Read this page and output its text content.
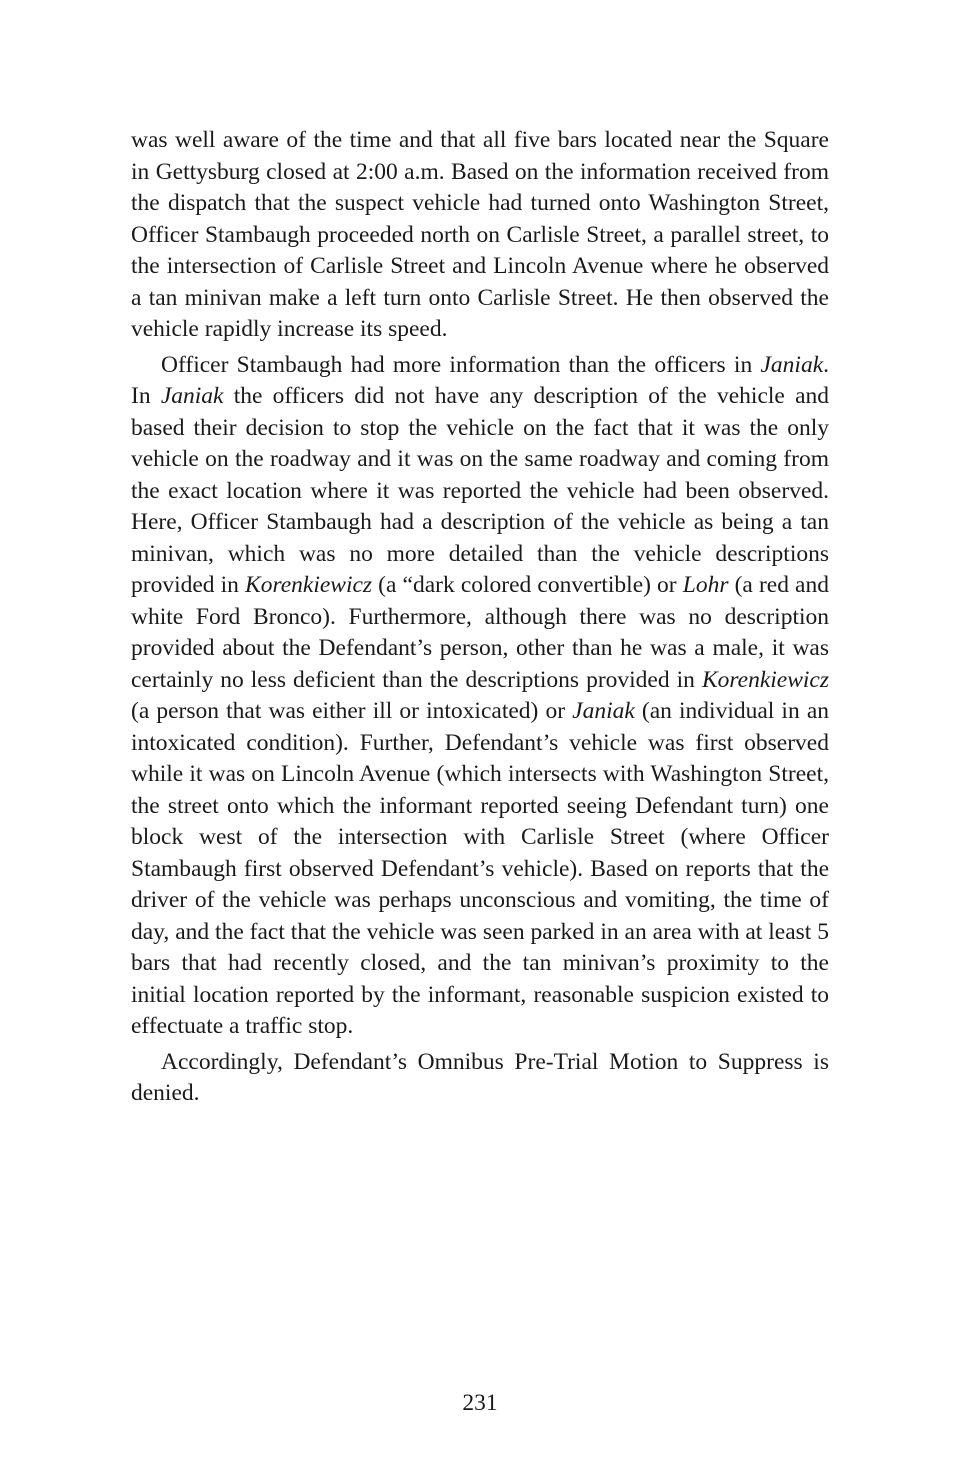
was well aware of the time and that all five bars located near the Square in Gettysburg closed at 2:00 a.m. Based on the information received from the dispatch that the suspect vehicle had turned onto Washington Street, Officer Stambaugh proceeded north on Carlisle Street, a parallel street, to the intersection of Carlisle Street and Lincoln Avenue where he observed a tan minivan make a left turn onto Carlisle Street. He then observed the vehicle rapidly increase its speed.

Officer Stambaugh had more information than the officers in Janiak. In Janiak the officers did not have any description of the vehicle and based their decision to stop the vehicle on the fact that it was the only vehicle on the roadway and it was on the same roadway and coming from the exact location where it was reported the vehicle had been observed. Here, Officer Stambaugh had a description of the vehicle as being a tan minivan, which was no more detailed than the vehicle descriptions provided in Korenkiewicz (a “dark colored convertible) or Lohr (a red and white Ford Bronco). Furthermore, although there was no description provided about the Defendant’s person, other than he was a male, it was certainly no less deficient than the descriptions provided in Korenkiewicz (a person that was either ill or intoxicated) or Janiak (an individual in an intoxicated condition). Further, Defendant’s vehicle was first observed while it was on Lincoln Avenue (which intersects with Washington Street, the street onto which the informant reported seeing Defendant turn) one block west of the intersection with Carlisle Street (where Officer Stambaugh first observed Defendant’s vehicle). Based on reports that the driver of the vehicle was perhaps unconscious and vomiting, the time of day, and the fact that the vehicle was seen parked in an area with at least 5 bars that had recently closed, and the tan minivan’s proximity to the initial location reported by the informant, reasonable suspicion existed to effectuate a traffic stop.

Accordingly, Defendant’s Omnibus Pre-Trial Motion to Suppress is denied.

231
